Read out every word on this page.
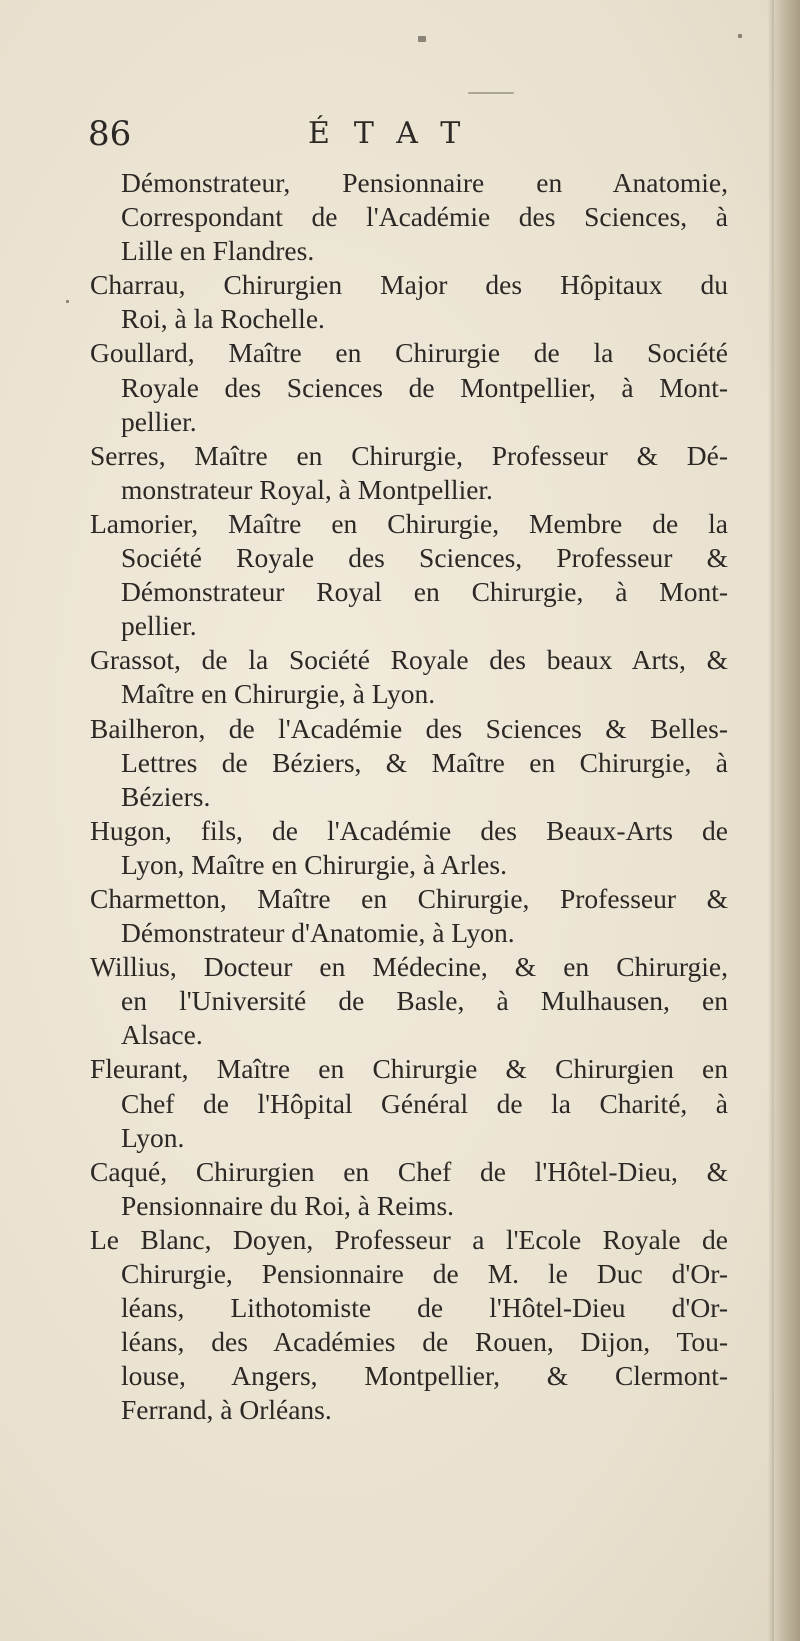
86	ÉTAT
Démonstrateur, Pensionnaire en Anatomie,
Correspondant de l'Académie des Sciences, à
Lille en Flandres.
Charrau, Chirurgien Major des Hôpitaux du
Roi, à la Rochelle.
Goullard, Maître en Chirurgie de la Société
Royale des Sciences de Montpellier, à Mont-
pellier.
Serres, Maître en Chirurgie, Professeur & Dé-
monstrateur Royal, à Montpellier.
Lamorier, Maître en Chirurgie, Membre de la
Société Royale des Sciences, Professeur &
Démonstrateur Royal en Chirurgie, à Mont-
pellier.
Grassot, de la Société Royale des beaux Arts, &
Maître en Chirurgie, à Lyon.
Bailheron, de l'Académie des Sciences & Belles-
Lettres de Béziers, & Maître en Chirurgie, à
Béziers.
Hugon, fils, de l'Académie des Beaux-Arts de
Lyon, Maître en Chirurgie, à Arles.
Charmetton, Maître en Chirurgie, Professeur &
Démonstrateur d'Anatomie, à Lyon.
Willius, Docteur en Médecine, & en Chirurgie,
en l'Université de Basle, à Mulhausen, en
Alsace.
Fleurant, Maître en Chirurgie & Chirurgien en
Chef de l'Hôpital Général de la Charité, à
Lyon.
Caqué, Chirurgien en Chef de l'Hôtel-Dieu, &
Pensionnaire du Roi, à Reims.
Le Blanc, Doyen, Professeur a l'Ecole Royale de
Chirurgie, Pensionnaire de M. le Duc d'Or-
léans, Lithotomiste de l'Hôtel-Dieu d'Or-
léans, des Académies de Rouen, Dijon, Tou-
louse, Angers, Montpellier, & Clermont-
Ferrand, à Orléans.
